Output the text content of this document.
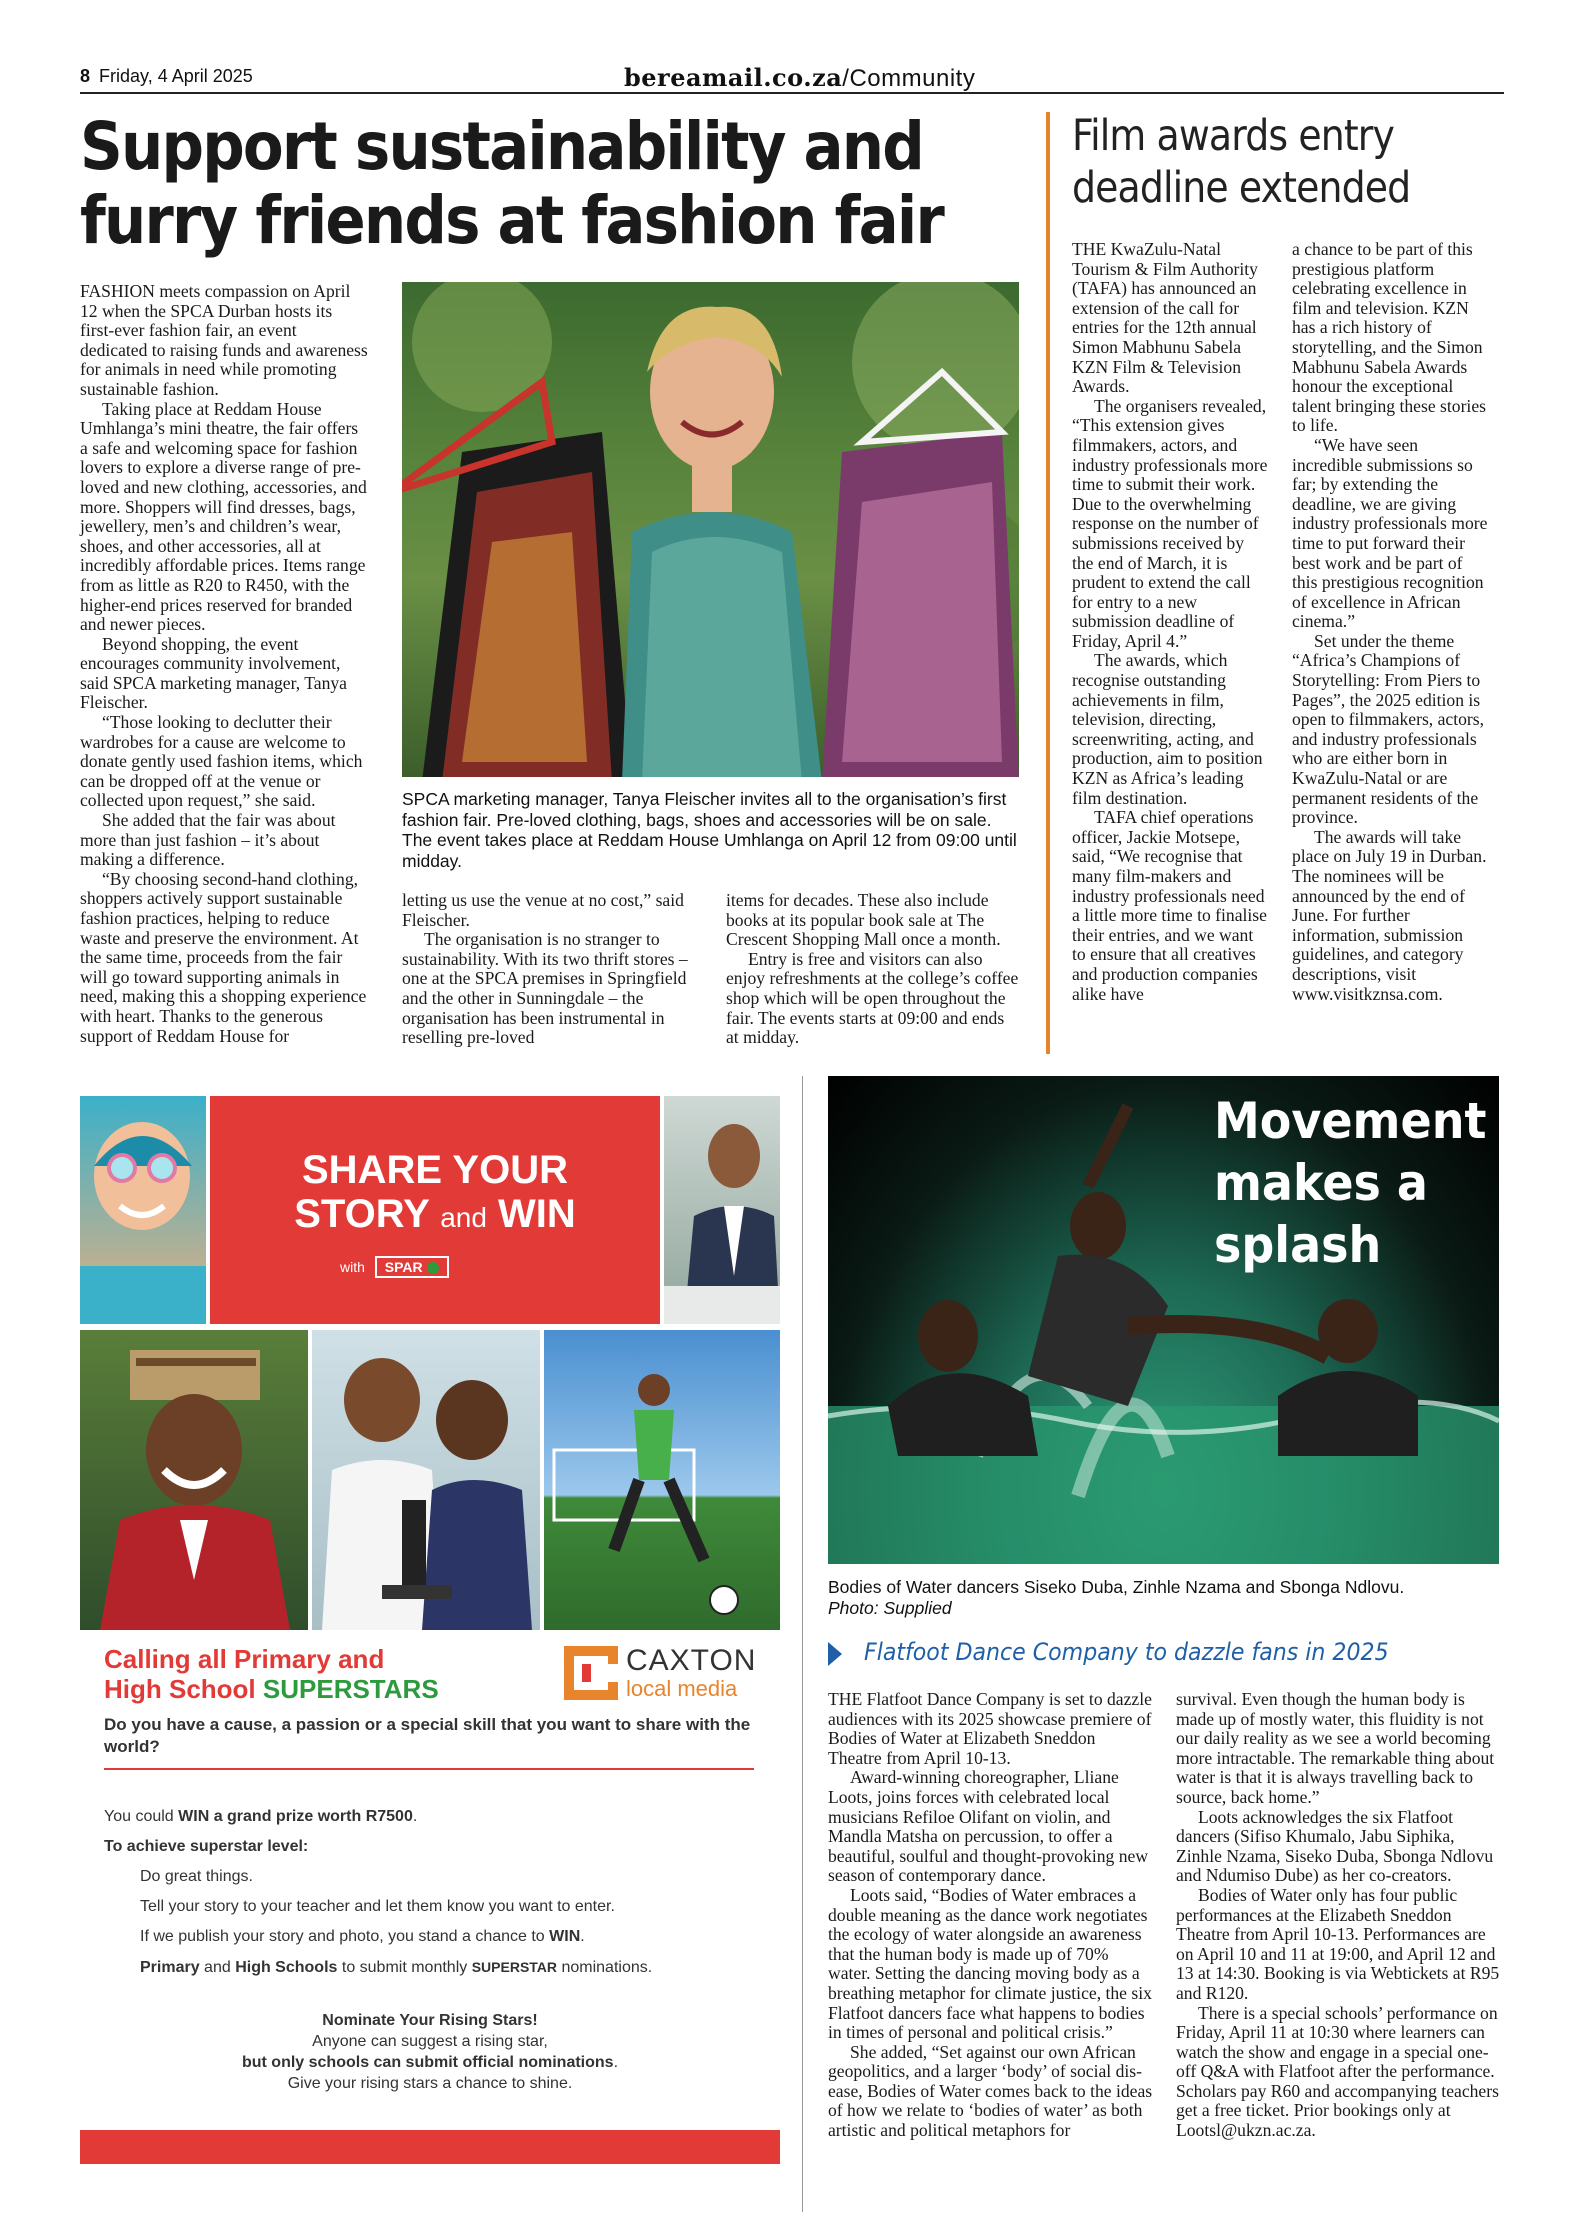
8 Friday, 4 April 2025	bereamail.co.za/Community
Support sustainability and
furry friends at fashion fair

FASHION meets compassion on April 12 when the SPCA Durban hosts its first-ever fashion fair, an event dedicated to raising funds and awareness for animals in need while promoting sustainable fashion.

Taking place at Reddam House Umhlanga’s mini theatre, the fair offers a safe and welcoming space for fashion lovers to explore a diverse range of pre-loved and new clothing, accessories, and more. Shoppers will find dresses, bags, jewellery, men’s and children’s wear, shoes, and other accessories, all at incredibly affordable prices. Items range from as little as R20 to R450, with the higher-end prices reserved for branded and newer pieces.

Beyond shopping, the event encourages community involvement, said SPCA marketing manager, Tanya Fleischer.

“Those looking to declutter their wardrobes for a cause are welcome to donate gently used fashion items, which can be dropped off at the venue or collected upon request,” she said.

She added that the fair was about more than just fashion – it’s about making a difference.

“By choosing second-hand clothing, shoppers actively support sustainable fashion practices, helping to reduce waste and preserve the environment. At the same time, proceeds from the fair will go toward supporting animals in need, making this a shopping experience with heart. Thanks to the generous support of Reddam House for

SPCA marketing manager, Tanya Fleischer invites all to the organisation’s first fashion fair. Pre-loved clothing, bags, shoes and accessories will be on sale. The event takes place at Reddam House Umhlanga on April 12 from 09:00 until midday.

letting us use the venue at no cost,” said Fleischer.

The organisation is no stranger to sustainability. With its two thrift stores – one at the SPCA premises in Springfield and the other in Sunningdale – the organisation has been instrumental in reselling pre-loved

items for decades. These also include books at its popular book sale at The Crescent Shopping Mall once a month.

Entry is free and visitors can also enjoy refreshments at the college’s coffee shop which will be open throughout the fair. The events starts at 09:00 and ends at midday.

Film awards entry
deadline extended

THE KwaZulu-Natal Tourism & Film Authority (TAFA) has announced an extension of the call for entries for the 12th annual Simon Mabhunu Sabela KZN Film & Television Awards.

The organisers revealed, “This extension gives filmmakers, actors, and industry professionals more time to submit their work. Due to the overwhelming response on the number of submissions received by the end of March, it is prudent to extend the call for entry to a new submission deadline of Friday, April 4.”

The awards, which recognise outstanding achievements in film, television, directing, screenwriting, acting, and production, aim to position KZN as Africa’s leading film destination.

TAFA chief operations officer, Jackie Motsepe, said, “We recognise that many film-makers and industry professionals need a little more time to finalise their entries, and we want to ensure that all creatives and production companies alike have

a chance to be part of this prestigious platform celebrating excellence in film and television. KZN has a rich history of storytelling, and the Simon Mabhunu Sabela Awards honour the exceptional talent bringing these stories to life.

“We have seen incredible submissions so far; by extending the deadline, we are giving industry professionals more time to put forward their best work and be part of this prestigious recognition of excellence in African cinema.”

Set under the theme “Africa’s Champions of Storytelling: From Piers to Pages”, the 2025 edition is open to filmmakers, actors, and industry professionals who are either born in KwaZulu-Natal or are permanent residents of the province.

The awards will take place on July 19 in Durban. The nominees will be announced by the end of June. For further information, submission guidelines, and category descriptions, visit www.visitkznsa.com.

SHARE YOUR
STORY and WIN
with SPAR
Calling all Primary and
High School SUPERSTARS
CAXTON
local media
Do you have a cause, a passion or a special skill that you want to share with the world?
You could WIN a grand prize worth R7500.
To achieve superstar level:
Do great things.
Tell your story to your teacher and let them know you want to enter.
If we publish your story and photo, you stand a chance to WIN.
Primary and High Schools to submit monthly SUPERSTAR nominations.
Nominate Your Rising Stars!
Anyone can suggest a rising star,
but only schools can submit official nominations.
Give your rising stars a chance to shine.
Movement
makes a
splash
Bodies of Water dancers Siseko Duba, Zinhle Nzama and Sbonga Ndlovu.
Photo: Supplied
Flatfoot Dance Company to dazzle fans in 2025

THE Flatfoot Dance Company is set to dazzle audiences with its 2025 showcase premiere of Bodies of Water at Elizabeth Sneddon Theatre from April 10-13.

Award-winning choreographer, Lliane Loots, joins forces with celebrated local musicians Refiloe Olifant on violin, and Mandla Matsha on percussion, to offer a beautiful, soulful and thought-provoking new season of contemporary dance.

Loots said, “Bodies of Water embraces a double meaning as the dance work negotiates the ecology of water alongside an awareness that the human body is made up of 70% water. Setting the dancing moving body as a breathing metaphor for climate justice, the six Flatfoot dancers face what happens to bodies in times of personal and political crisis.”

She added, “Set against our own African geopolitics, and a larger ‘body’ of social dis-ease, Bodies of Water comes back to the ideas of how we relate to ‘bodies of water’ as both artistic and political metaphors for

survival. Even though the human body is made up of mostly water, this fluidity is not our daily reality as we see a world becoming more intractable. The remarkable thing about water is that it is always travelling back to source, back home.”

Loots acknowledges the six Flatfoot dancers (Sifiso Khumalo, Jabu Siphika, Zinhle Nzama, Siseko Duba, Sbonga Ndlovu and Ndumiso Dube) as her co-creators.

Bodies of Water only has four public performances at the Elizabeth Sneddon Theatre from April 10-13. Performances are on April 10 and 11 at 19:00, and April 12 and 13 at 14:30. Booking is via Webtickets at R95 and R120.

There is a special schools’ performance on Friday, April 11 at 10:30 where learners can watch the show and engage in a special one-off Q&A with Flatfoot after the performance. Scholars pay R60 and accompanying teachers get a free ticket. Prior bookings only at Lootsl@ukzn.ac.za.
